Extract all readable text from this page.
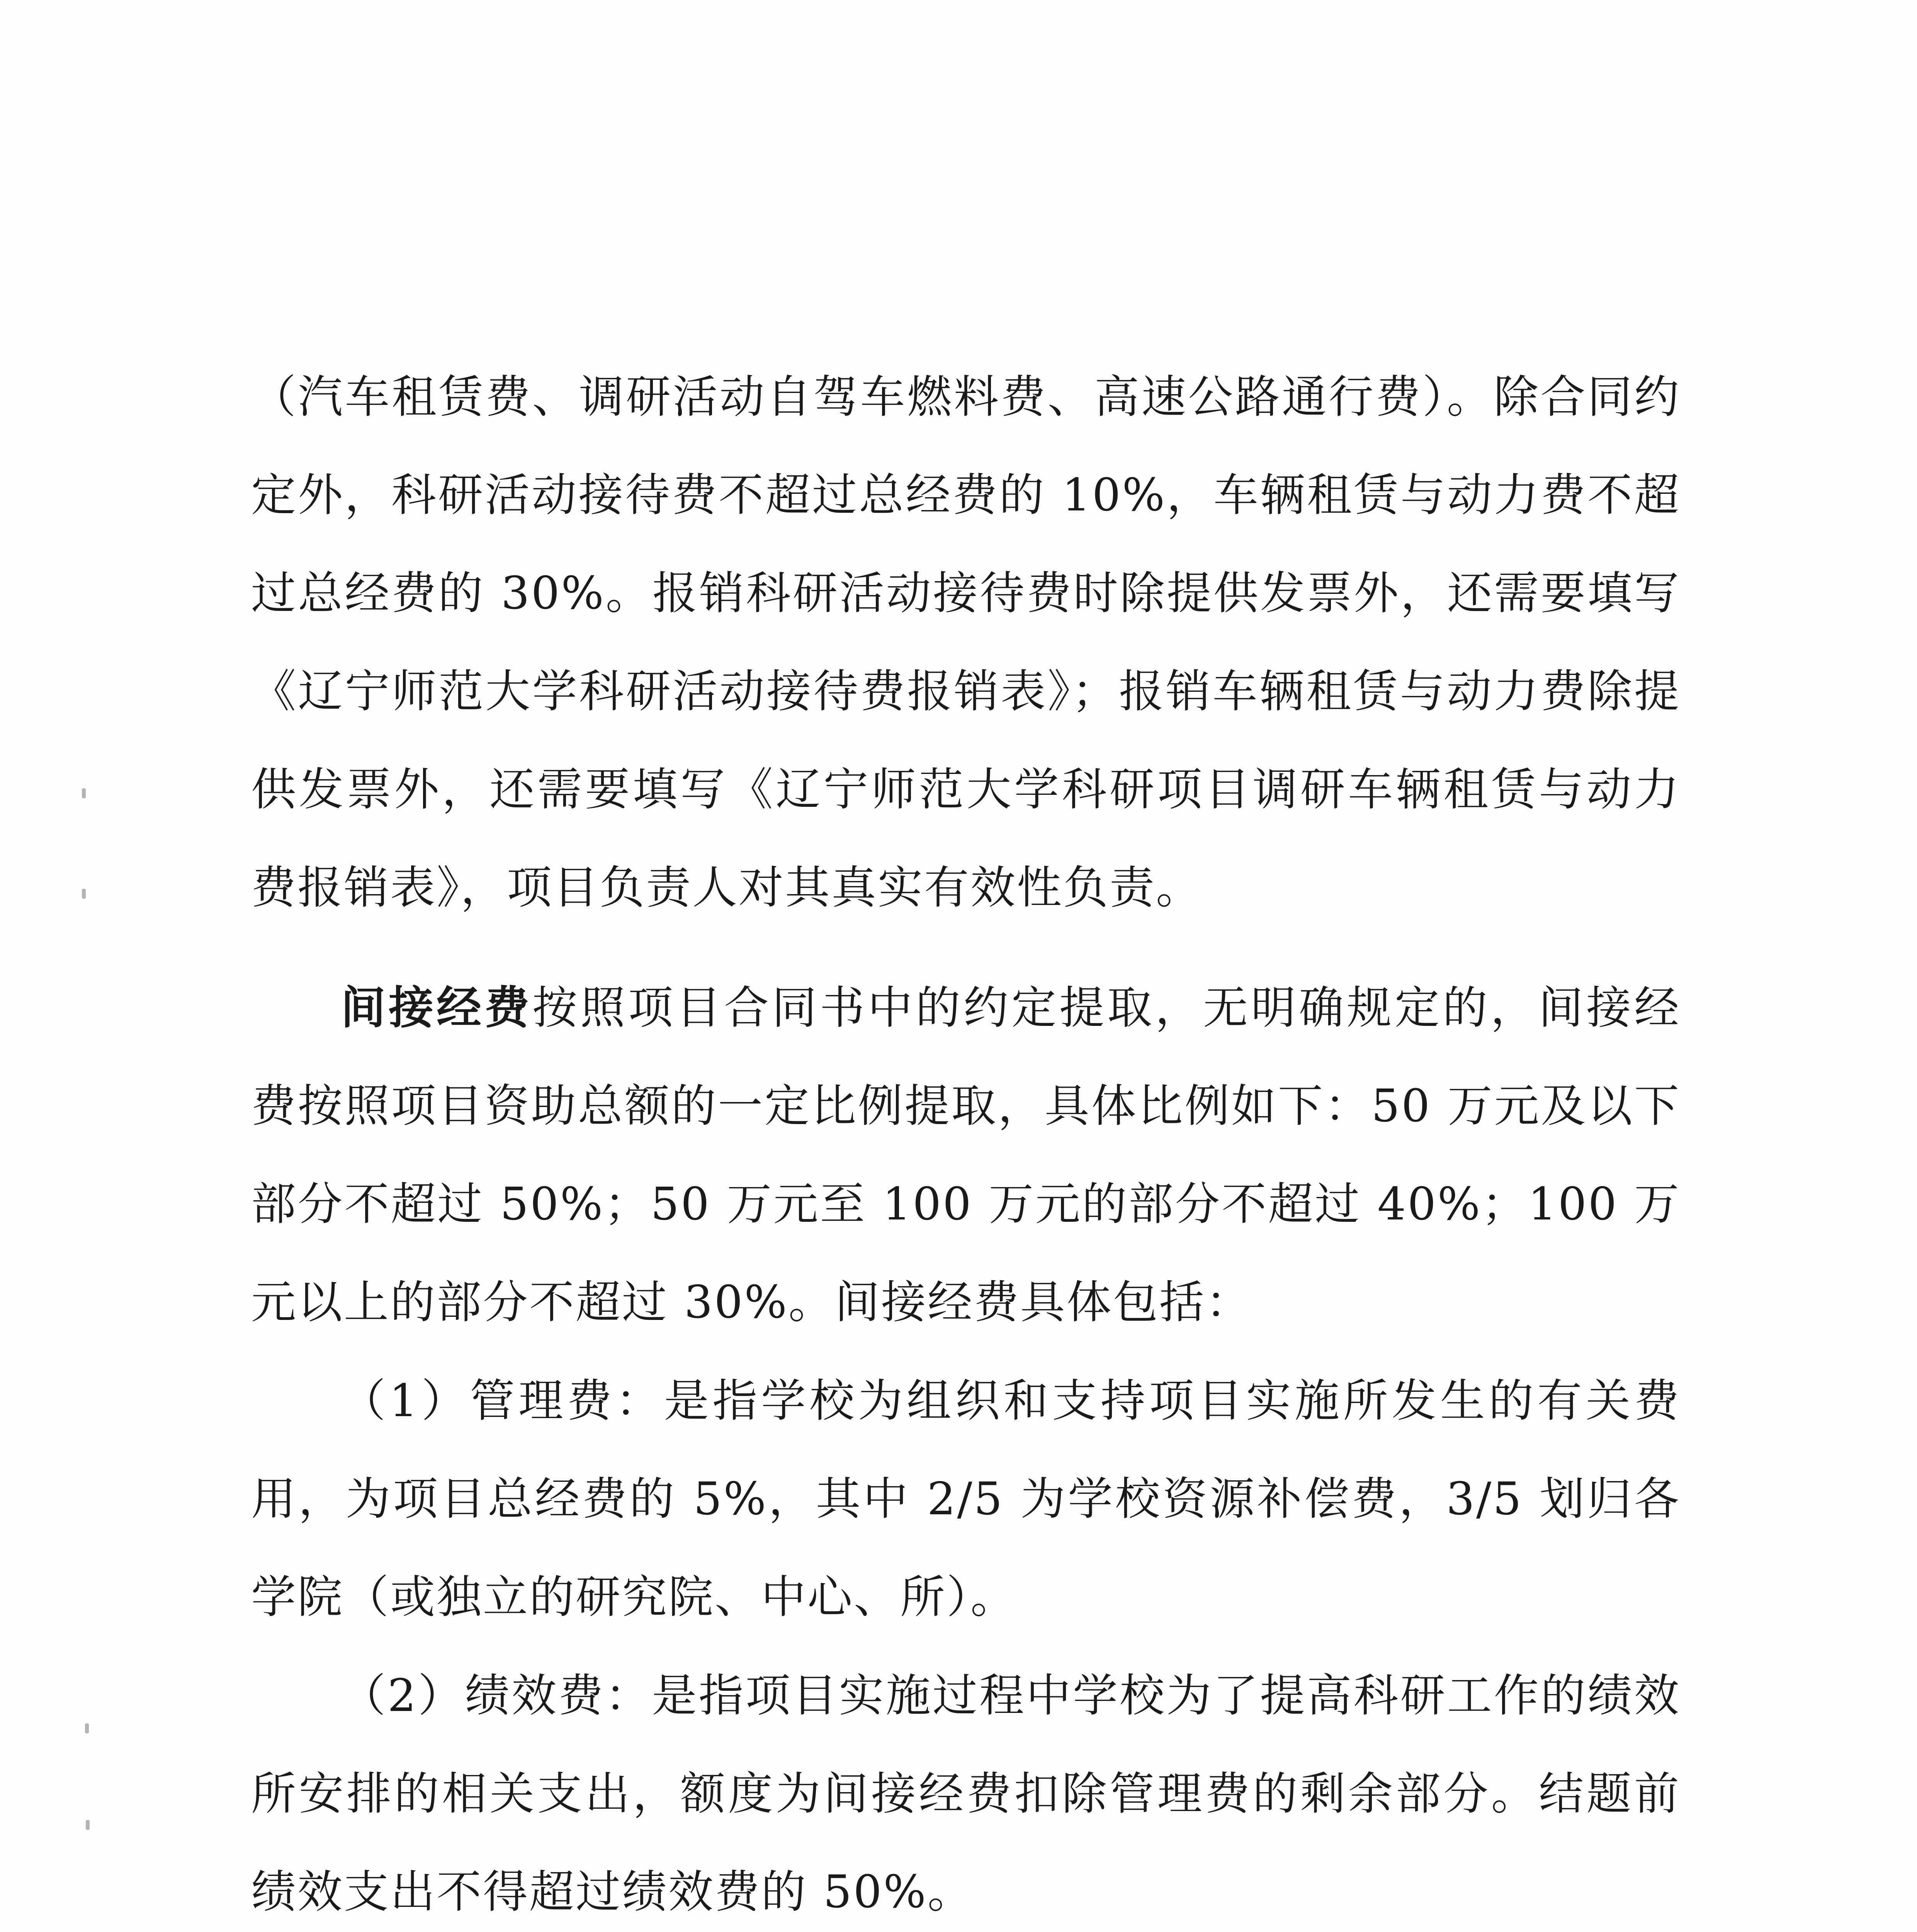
（汽车租赁费、调研活动自驾车燃料费、高速公路通行费）。除合同约定外，科研活动接待费不超过总经费的 10%，车辆租赁与动力费不超过总经费的 30%。报销科研活动接待费时除提供发票外，还需要填写《辽宁师范大学科研活动接待费报销表》；报销车辆租赁与动力费除提供发票外，还需要填写《辽宁师范大学科研项目调研车辆租赁与动力费报销表》，项目负责人对其真实有效性负责。

间接经费按照项目合同书中的约定提取，无明确规定的，间接经费按照项目资助总额的一定比例提取，具体比例如下：50 万元及以下部分不超过 50%；50 万元至 100 万元的部分不超过 40%；100 万元以上的部分不超过 30%。间接经费具体包括：

（1）管理费：是指学校为组织和支持项目实施所发生的有关费用，为项目总经费的 5%，其中 2/5 为学校资源补偿费，3/5 划归各学院（或独立的研究院、中心、所）。

（2）绩效费：是指项目实施过程中学校为了提高科研工作的绩效所安排的相关支出，额度为间接经费扣除管理费的剩余部分。结题前绩效支出不得超过绩效费的 50%。
